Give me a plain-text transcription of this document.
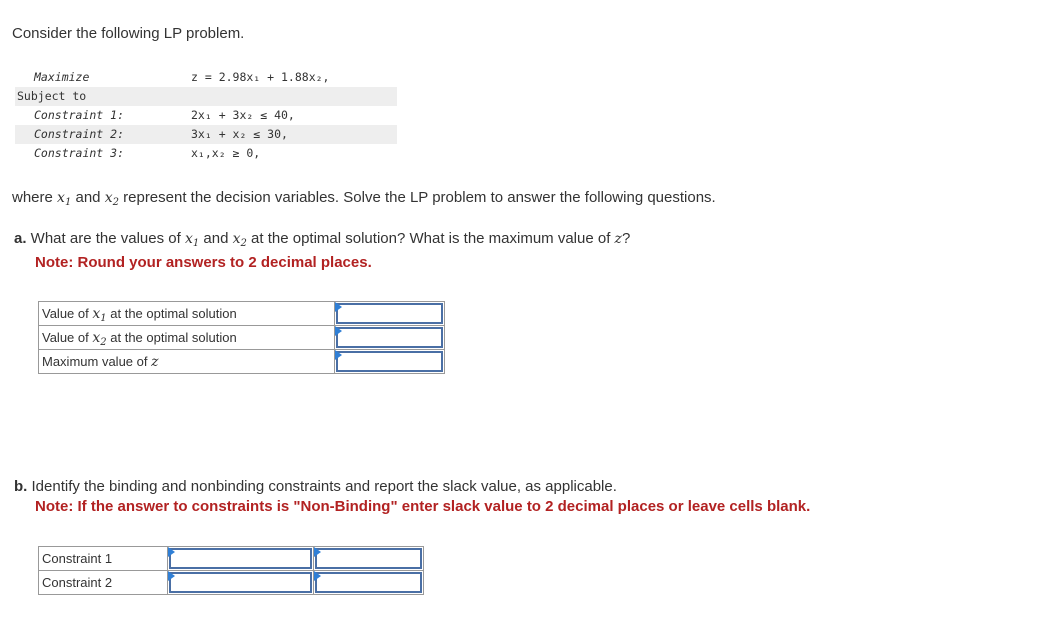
Consider the following LP problem.
Maximize	z = 2.98x₁ + 1.88x₂,
Subject to
Constraint 1:	2x₁ + 3x₂ ≤ 40,
Constraint 2:	3x₁ + x₂ ≤ 30,
Constraint 3:	x₁,x₂ ≥ 0,
where $x_1$ and $x_2$ represent the decision variables. Solve the LP problem to answer the following questions.
a. What are the values of $x_1$ and $x_2$ at the optimal solution? What is the maximum value of z?
Note: Round your answers to 2 decimal places.
Value of $x_1$ at the optimal solution	

Value of $x_2$ at the optimal solution	

Maximum value of z	
b. Identify the binding and nonbinding constraints and report the slack value, as applicable.
Note: If the answer to constraints is "Non-Binding" enter slack value to 2 decimal places or leave cells blank.
Constraint 1	

Constraint 2	
